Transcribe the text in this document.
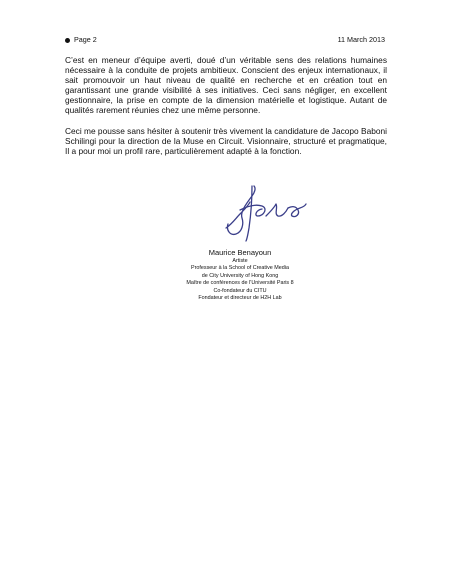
Page 2	11 March 2013

C’est en meneur d’équipe averti, doué d’un véritable sens des relations humaines nécessaire à la conduite de projets ambitieux. Conscient des enjeux internationaux, il sait promouvoir un haut niveau de qualité en recherche et en création tout en garantissant une grande visibilité à ses initiatives. Ceci sans négliger, en excellent gestionnaire, la prise en compte de la dimension matérielle et logistique. Autant de qualités rarement réunies chez une même personne.

Ceci me pousse sans hésiter à soutenir très vivement la candidature de Jacopo Baboni Schilingi pour la direction de la Muse en Circuit. Visionnaire, structuré et pragmatique, Il a pour moi un profil rare, particulièrement adapté à la fonction.

Maurice Benayoun
Artiste
Professeur à la School of Creative Media
de City University of Hong Kong
Maître de conférences de l’Université Paris 8
Co-fondateur du CITU
Fondateur et directeur de H2H Lab
